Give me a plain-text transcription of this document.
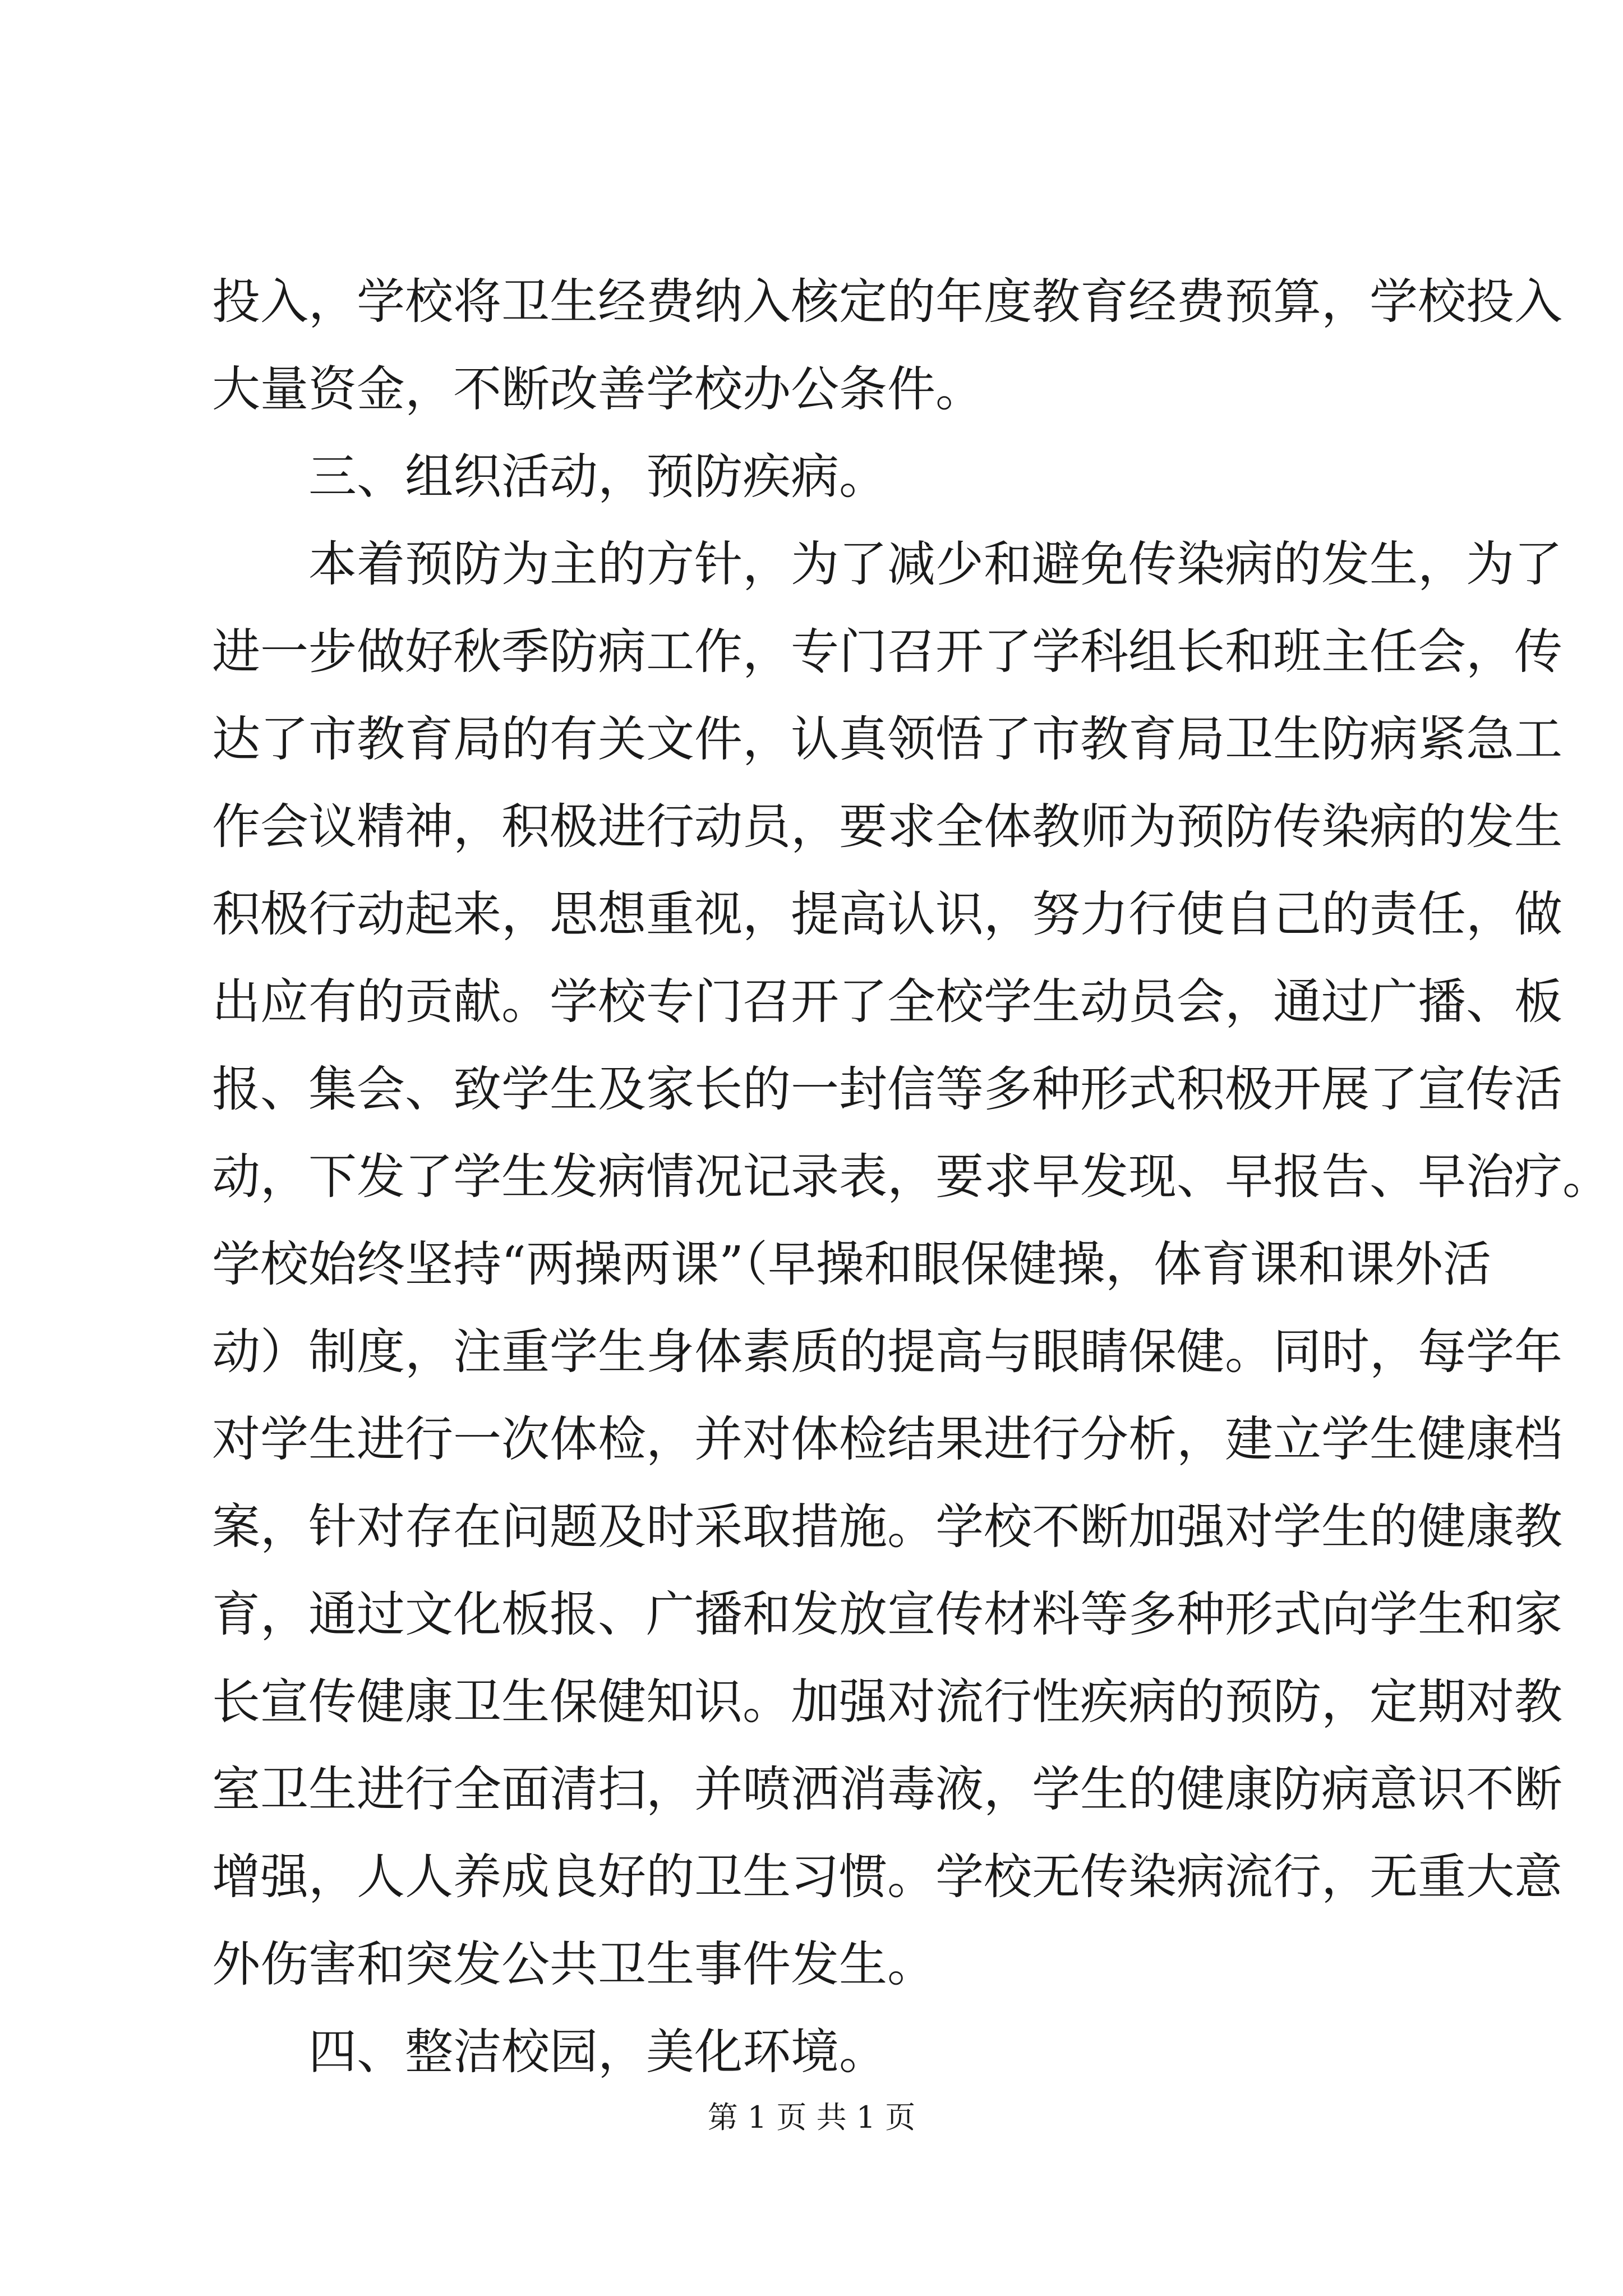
投入，学校将卫生经费纳入核定的年度教育经费预算，学校投入
大量资金，不断改善学校办公条件。
三、组织活动，预防疾病。
本着预防为主的方针，为了减少和避免传染病的发生，为了
进一步做好秋季防病工作，专门召开了学科组长和班主任会，传
达了市教育局的有关文件，认真领悟了市教育局卫生防病紧急工
作会议精神，积极进行动员，要求全体教师为预防传染病的发生
积极行动起来，思想重视，提高认识，努力行使自己的责任，做
出应有的贡献。学校专门召开了全校学生动员会，通过广播、板
报、集会、致学生及家长的一封信等多种形式积极开展了宣传活
动，下发了学生发病情况记录表，要求早发现、早报告、早治疗。
学校始终坚持“两操两课”（早操和眼保健操，体育课和课外活
动）制度，注重学生身体素质的提高与眼睛保健。同时，每学年
对学生进行一次体检，并对体检结果进行分析，建立学生健康档
案，针对存在问题及时采取措施。学校不断加强对学生的健康教
育，通过文化板报、广播和发放宣传材料等多种形式向学生和家
长宣传健康卫生保健知识。加强对流行性疾病的预防，定期对教
室卫生进行全面清扫，并喷洒消毒液，学生的健康防病意识不断
增强，人人养成良好的卫生习惯。学校无传染病流行，无重大意
外伤害和突发公共卫生事件发生。
四、整洁校园，美化环境。
第 1 页 共 1 页
